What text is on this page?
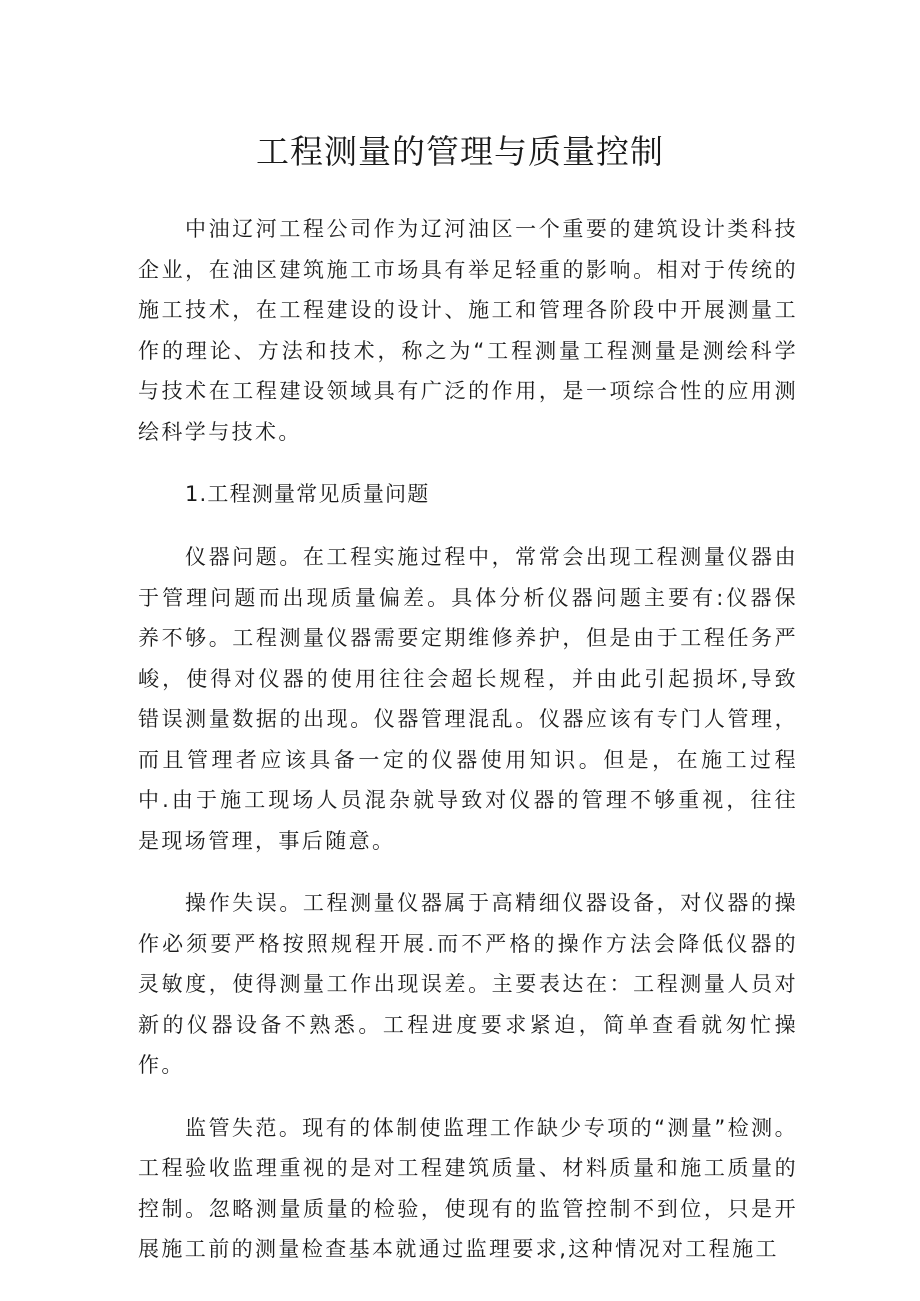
工程测量的管理与质量控制

中油辽河工程公司作为辽河油区一个重要的建筑设计类科技企业，在油区建筑施工市场具有举足轻重的影响。相对于传统的施工技术，在工程建设的设计、施工和管理各阶段中开展测量工作的理论、方法和技术，称之为“工程测量工程测量是测绘科学与技术在工程建设领域具有广泛的作用，是一项综合性的应用测绘科学与技术。

1.工程测量常见质量问题

仪器问题。在工程实施过程中，常常会出现工程测量仪器由于管理问题而出现质量偏差。具体分析仪器问题主要有:仪器保养不够。工程测量仪器需要定期维修养护，但是由于工程任务严峻，使得对仪器的使用往往会超长规程，并由此引起损坏,导致错误测量数据的出现。仪器管理混乱。仪器应该有专门人管理，而且管理者应该具备一定的仪器使用知识。但是，在施工过程中.由于施工现场人员混杂就导致对仪器的管理不够重视，往往是现场管理，事后随意。

操作失误。工程测量仪器属于高精细仪器设备，对仪器的操作必须要严格按照规程开展.而不严格的操作方法会降低仪器的灵敏度，使得测量工作出现误差。主要表达在：工程测量人员对新的仪器设备不熟悉。工程进度要求紧迫，简单查看就匆忙操作。

监管失范。现有的体制使监理工作缺少专项的“测量”检测。工程验收监理重视的是对工程建筑质量、材料质量和施工质量的控制。忽略测量质量的检验，使现有的监管控制不到位，只是开展施工前的测量检查基本就通过监理要求,这种情况对工程施工
